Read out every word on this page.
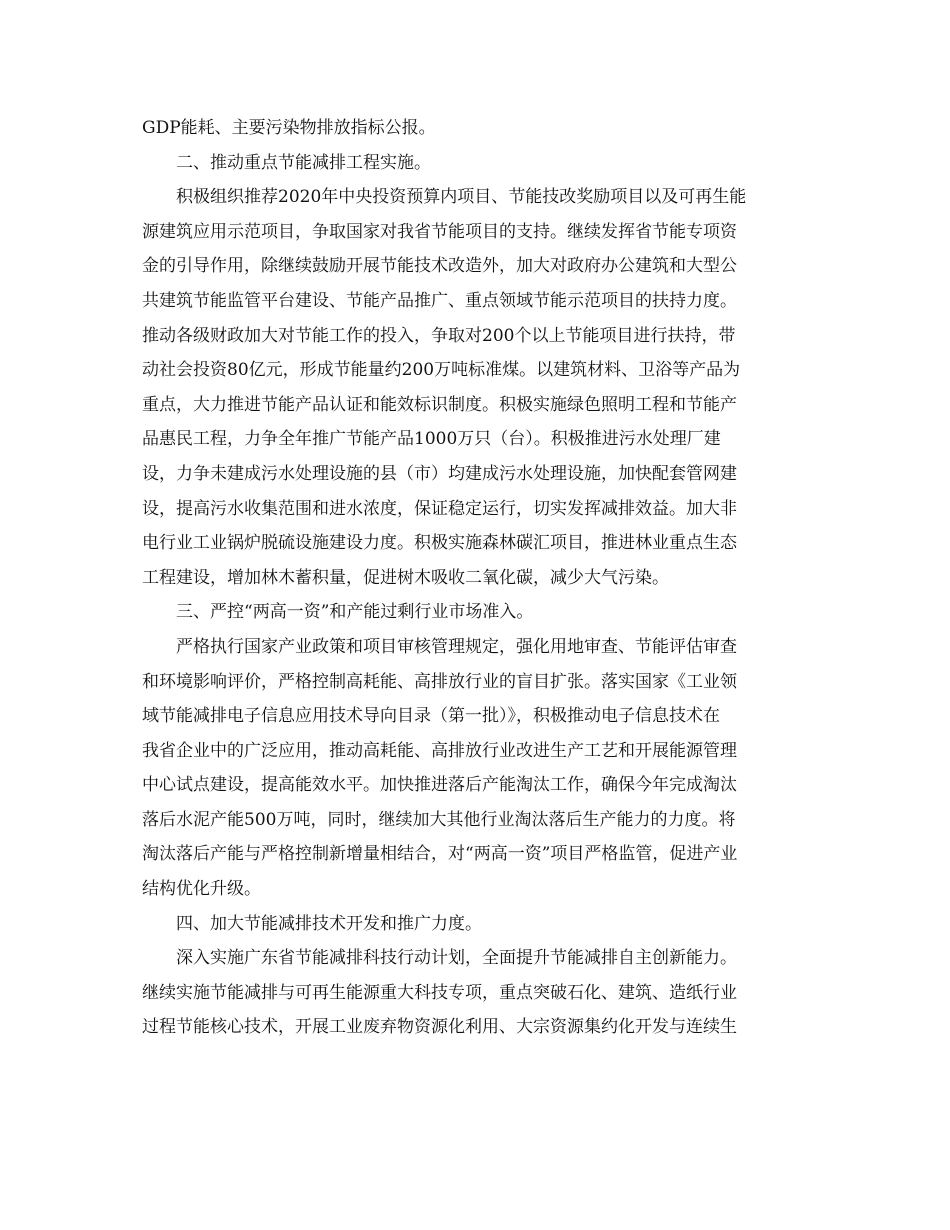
GDP能耗、主要污染物排放指标公报。
二、推动重点节能减排工程实施。
积极组织推荐2020年中央投资预算内项目、节能技改奖励项目以及可再生能
源建筑应用示范项目，争取国家对我省节能项目的支持。继续发挥省节能专项资
金的引导作用，除继续鼓励开展节能技术改造外，加大对政府办公建筑和大型公
共建筑节能监管平台建设、节能产品推广、重点领域节能示范项目的扶持力度。
推动各级财政加大对节能工作的投入，争取对200个以上节能项目进行扶持，带
动社会投资80亿元，形成节能量约200万吨标准煤。以建筑材料、卫浴等产品为
重点，大力推进节能产品认证和能效标识制度。积极实施绿色照明工程和节能产
品惠民工程，力争全年推广节能产品1000万只（台）。积极推进污水处理厂建
设，力争未建成污水处理设施的县（市）均建成污水处理设施，加快配套管网建
设，提高污水收集范围和进水浓度，保证稳定运行，切实发挥减排效益。加大非
电行业工业锅炉脱硫设施建设力度。积极实施森林碳汇项目，推进林业重点生态
工程建设，增加林木蓄积量，促进树木吸收二氧化碳，减少大气污染。
三、严控“两高一资”和产能过剩行业市场准入。
严格执行国家产业政策和项目审核管理规定，强化用地审查、节能评估审查
和环境影响评价，严格控制高耗能、高排放行业的盲目扩张。落实国家《工业领
域节能减排电子信息应用技术导向目录（第一批）》，积极推动电子信息技术在
我省企业中的广泛应用，推动高耗能、高排放行业改进生产工艺和开展能源管理
中心试点建设，提高能效水平。加快推进落后产能淘汰工作，确保今年完成淘汰
落后水泥产能500万吨，同时，继续加大其他行业淘汰落后生产能力的力度。将
淘汰落后产能与严格控制新增量相结合，对“两高一资”项目严格监管，促进产业
结构优化升级。
四、加大节能减排技术开发和推广力度。
深入实施广东省节能减排科技行动计划，全面提升节能减排自主创新能力。
继续实施节能减排与可再生能源重大科技专项，重点突破石化、建筑、造纸行业
过程节能核心技术，开展工业废弃物资源化利用、大宗资源集约化开发与连续生
